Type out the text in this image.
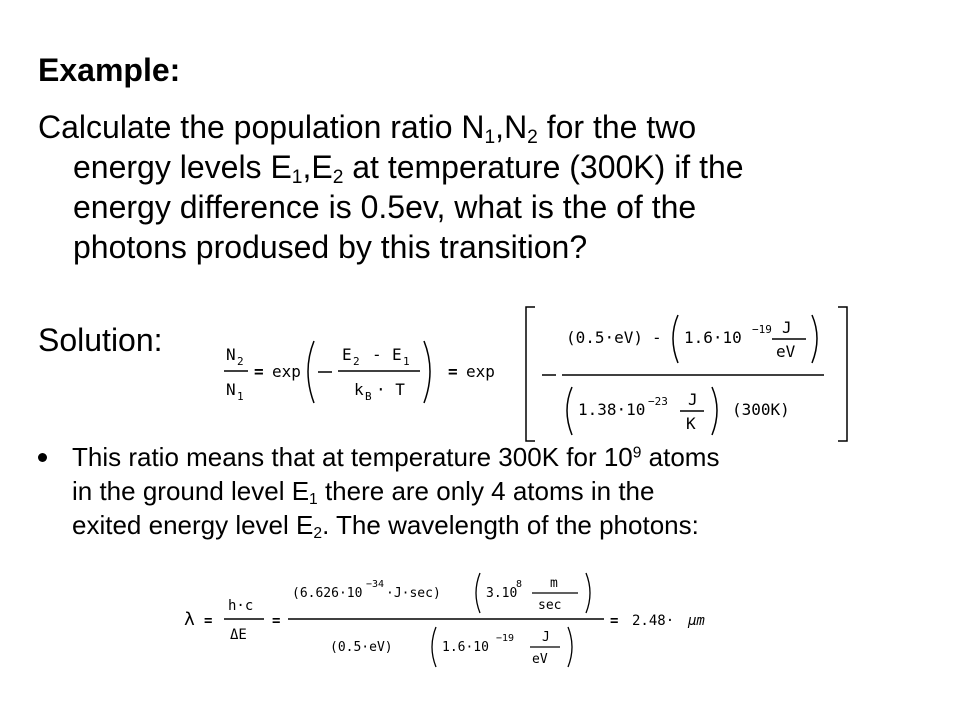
Example:
Calculate the population ratio $N_1,N_2$ for the two
energy levels $E_1,E_2$ at temperature (300K) if the
energy difference is 0.5ev, what is the of the
photons prodused by this transition?
Solution:	N 2
N 1
= exp
E 2 - E 1
k B · T
= exp
(0.5·eV) - 1.6·10 −19 J
eV
1.38·10 −23 J
K
(300K)
This ratio means that at temperature 300K for $10^9$ atoms
in the ground level $E_1$ there are only 4 atoms in the
exited energy level $E_2$. The wavelength of the photons:
λ =
h·c
ΔE
=
(6.626·10
−34
·J·sec)	3.10
8 m
sec
(0.5·eV)	1.6·10
−19 J
eV
= 2.48· μm
